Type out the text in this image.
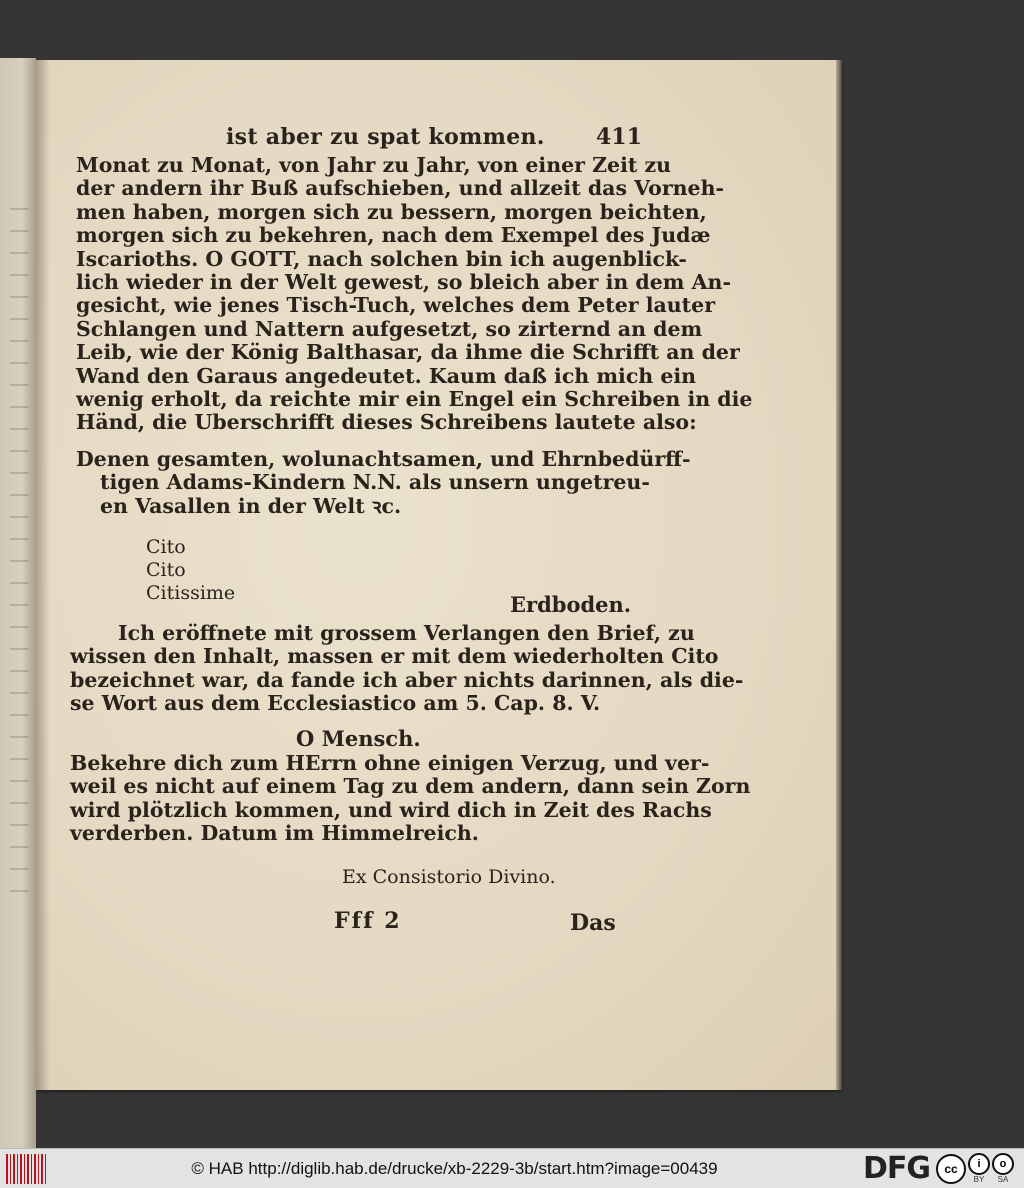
ist aber zu spat kommen.	411
Monat zu Monat, von Jahr zu Jahr, von einer Zeit zu
der andern ihr Buß aufschieben, und allzeit das Vorneh-
men haben, morgen sich zu bessern, morgen beichten,
morgen sich zu bekehren, nach dem Exempel des Judæ
Iscarioths. O GOTT, nach solchen bin ich augenblick-
lich wieder in der Welt gewest, so bleich aber in dem An-
gesicht, wie jenes Tisch-Tuch, welches dem Peter lauter
Schlangen und Nattern aufgesetzt, so zirternd an dem
Leib, wie der König Balthasar, da ihme die Schrifft an der
Wand den Garaus angedeutet. Kaum daß ich mich ein
wenig erholt, da reichte mir ein Engel ein Schreiben in die
Händ, die Uberschrifft dieses Schreibens lautete also:
Denen gesamten, wolunachtsamen, und Ehrnbedürff-
tigen Adams-Kindern N.N. als unsern ungetreu-
en Vasallen in der Welt ꝛc.
Cito
Cito
Citissime	Erdboden.
Ich eröffnete mit grossem Verlangen den Brief, zu
wissen den Inhalt, massen er mit dem wiederholten Cito
bezeichnet war, da fande ich aber nichts darinnen, als die-
se Wort aus dem Ecclesiastico am 5. Cap. 8. V.
O Mensch.
Bekehre dich zum HErrn ohne einigen Verzug, und ver-
weil es nicht auf einem Tag zu dem andern, dann sein Zorn
wird plötzlich kommen, und wird dich in Zeit des Rachs
verderben. Datum im Himmelreich.
Ex Consistorio Divino.
Fff 2	Das
© HAB http://diglib.hab.de/drucke/xb-2229-3b/start.htm?image=00439	DFG	cc	i
BY
o
SA
